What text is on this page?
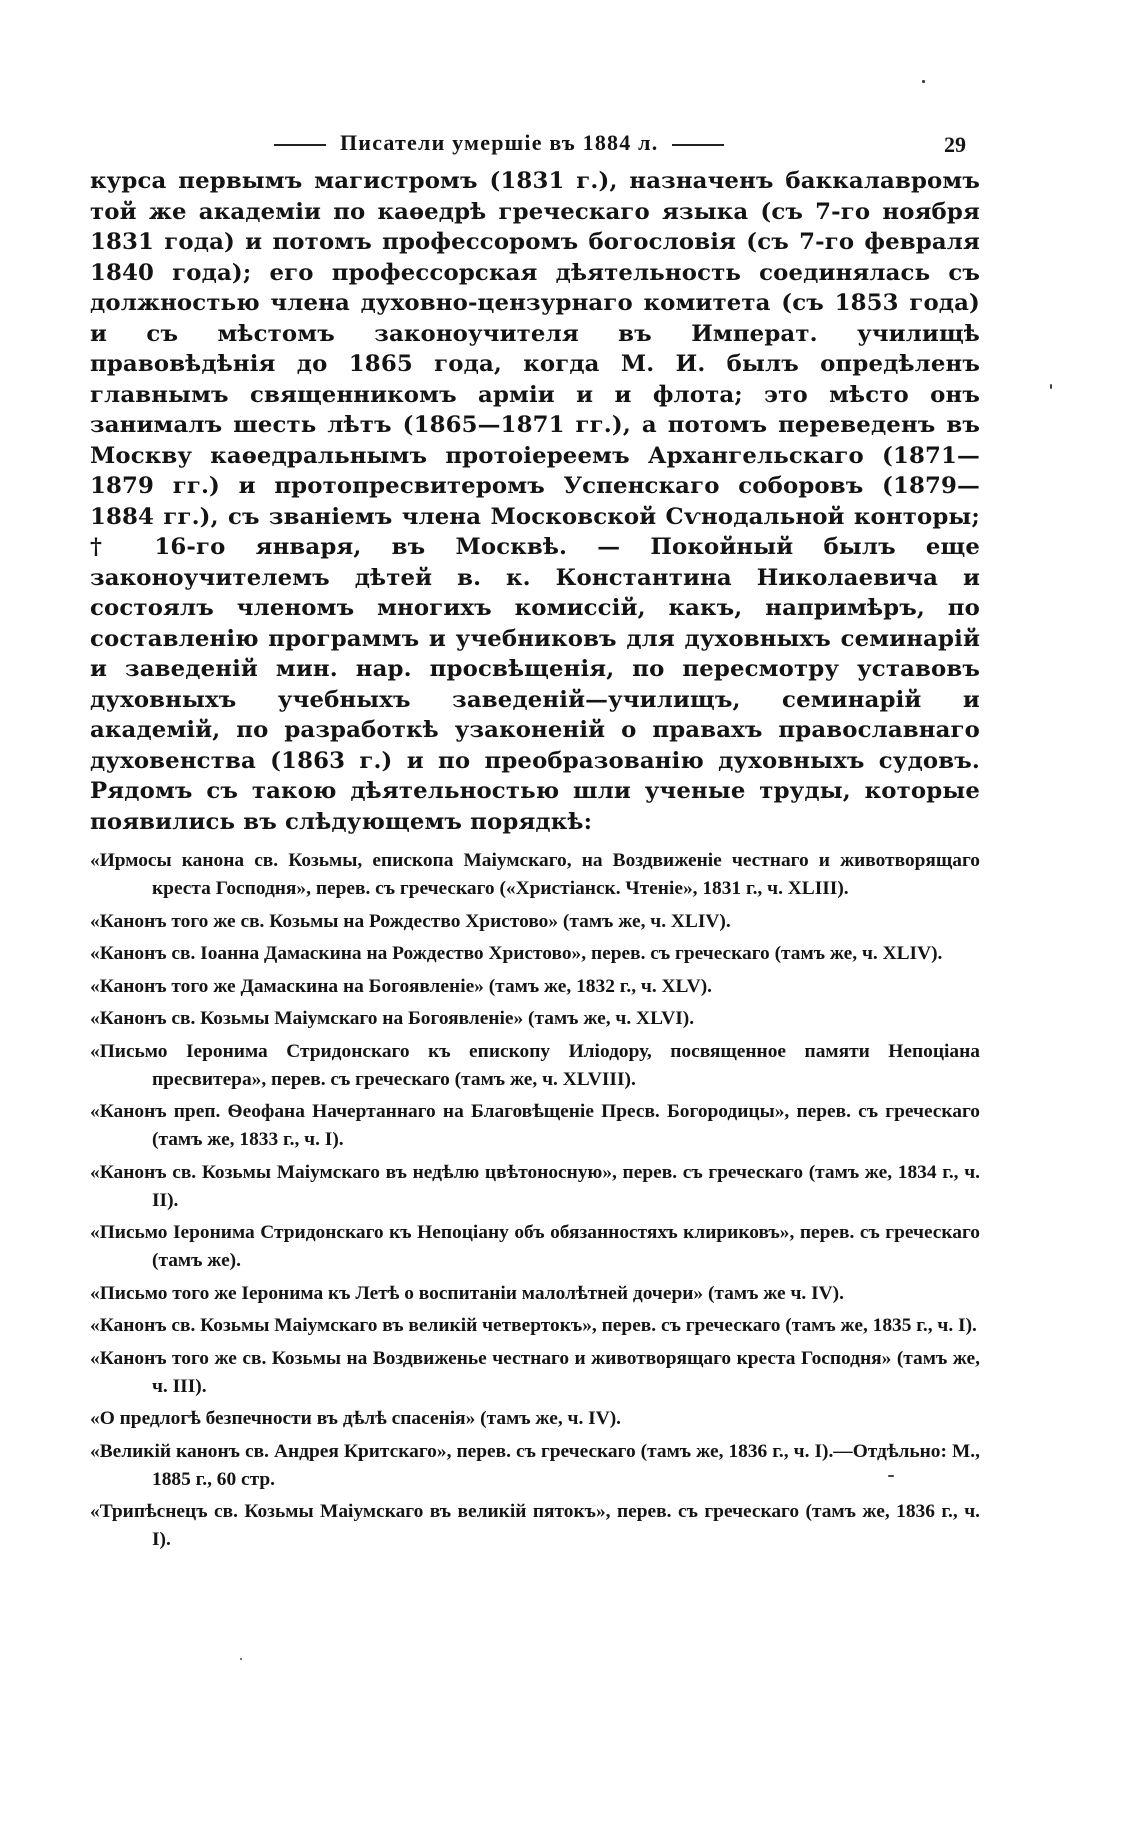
Писатели умершіе въ 1884 л.	29

курса первымъ магистромъ (1831 г.), назначенъ баккалавромъ той же академіи по каѳедрѣ греческаго языка (съ 7-го ноября 1831 года) и потомъ профессоромъ богословія (съ 7-го февраля 1840 года); его профессорская дѣятельность соединялась съ должностью члена духовно-цензурнаго комитета (съ 1853 года) и съ мѣстомъ законоучителя въ Императ. училищѣ правовѣдѣнія до 1865 года, когда М. И. былъ опредѣленъ главнымъ священникомъ арміи и и флота; это мѣсто онъ занималъ шесть лѣтъ (1865—1871 гг.), а потомъ переведенъ въ Москву каѳедральнымъ протоіереемъ Архангельскаго (1871—1879 гг.) и протопресвитеромъ Успенскаго соборовъ (1879—1884 гг.), съ званіемъ члена Московской Сѵнодальной конторы; † 16-го января, въ Москвѣ. — Покойный былъ еще законоучителемъ дѣтей в. к. Константина Николаевича и состоялъ членомъ многихъ комиссій, какъ, напримѣръ, по составленію программъ и учебниковъ для духовныхъ семинарій и заведеній мин. нар. просвѣщенія, по пересмотру уставовъ духовныхъ учебныхъ заведеній—училищъ, семинарій и академій, по разработкѣ узаконеній о правахъ православнаго духовенства (1863 г.) и по преобразованію духовныхъ судовъ. Рядомъ съ такою дѣятельностью шли ученые труды, которые появились въ слѣдующемъ порядкѣ:

«Ирмосы канона св. Козьмы, епископа Маіумскаго, на Воздвиженіе честнаго и животворящаго креста Господня», перев. съ греческаго («Христіанск. Чтеніе», 1831 г., ч. XLIII).
«Канонъ того же св. Козьмы на Рождество Христово» (тамъ же, ч. XLIV).
«Канонъ св. Іоанна Дамаскина на Рождество Христово», перев. съ греческаго (тамъ же, ч. XLIV).
«Канонъ того же Дамаскина на Богоявленіе» (тамъ же, 1832 г., ч. XLV).
«Канонъ св. Козьмы Маіумскаго на Богоявленіе» (тамъ же, ч. XLVI).
«Письмо Іеронима Стридонскаго къ епископу Иліодору, посвященное памяти Непоціана пресвитера», перев. съ греческаго (тамъ же, ч. XLVIII).
«Канонъ преп. Ѳеофана Начертаннаго на Благовѣщеніе Пресв. Богородицы», перев. съ греческаго (тамъ же, 1833 г., ч. I).
«Канонъ св. Козьмы Маіумскаго въ недѣлю цвѣтоносную», перев. съ греческаго (тамъ же, 1834 г., ч. II).
«Письмо Іеронима Стридонскаго къ Непоціану объ обязанностяхъ клириковъ», перев. съ греческаго (тамъ же).
«Письмо того же Іеронима къ Летѣ о воспитаніи малолѣтней дочери» (тамъ же ч. IV).
«Канонъ св. Козьмы Маіумскаго въ великій четвертокъ», перев. съ греческаго (тамъ же, 1835 г., ч. I).
«Канонъ того же св. Козьмы на Воздвиженье честнаго и животворящаго креста Господня» (тамъ же, ч. III).
«О предлогѣ безпечности въ дѣлѣ спасенія» (тамъ же, ч. IV).
«Великій канонъ св. Андрея Критскаго», перев. съ греческаго (тамъ же, 1836 г., ч. I).—Отдѣльно: М., 1885 г., 60 стр.
«Трипѣснецъ св. Козьмы Маіумскаго въ великій пятокъ», перев. съ греческаго (тамъ же, 1836 г., ч. I).
